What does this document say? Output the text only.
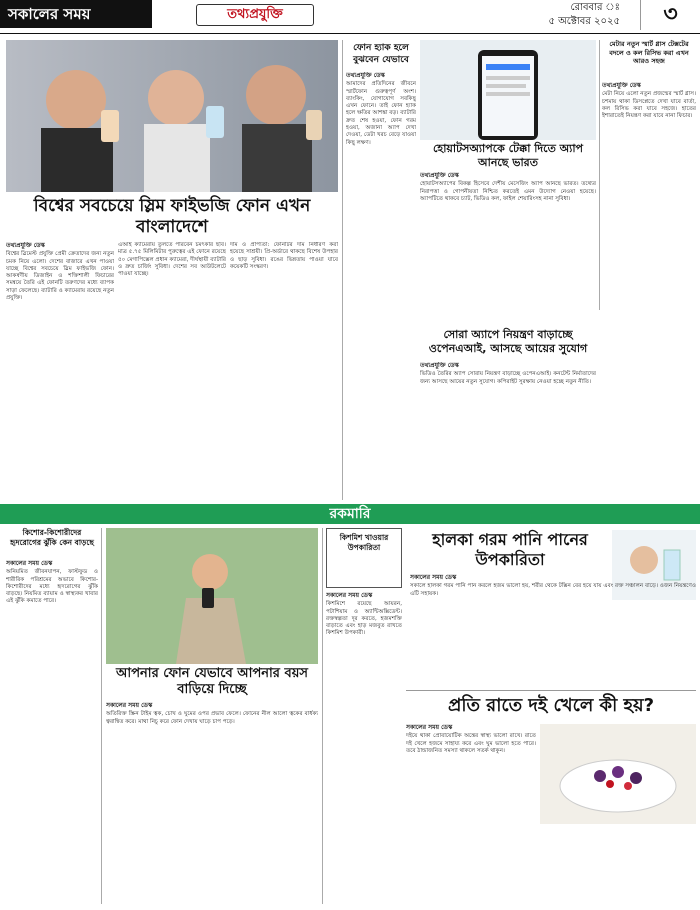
সকালের সময়	তথ্যপ্রযুক্তি	রোববার ঃ
৫ অক্টোবর ২০২৫	৩
বিশ্বের সবচেয়ে স্লিম ফাইভজি ফোন এখন বাংলাদেশে
তথ্যপ্রযুক্তি ডেস্ক

বিশ্বের স্লিমেস্ট প্রযুক্তি প্রেমী ক্রেতাদের জন্য নতুন চমক নিয়ে এলো। দেশের বাজারে এখন পাওয়া যাচ্ছে বিশ্বের সবচেয়ে স্লিম ফাইভজি ফোন। আকর্ষণীয় ডিজাইন ও শক্তিশালী ফিচারের সমন্বয়ে তৈরি এই ফোনটি তরুণদের মধ্যে ব্যাপক সাড়া ফেলেছে। ব্যাটারি ও ক্যামেরায় রয়েছে নতুন প্রযুক্তি।

এআই ক্যামেরায় তুলতে পারবেন চমৎকার ছবি। মাত্র ৫.৭৫ মিলিমিটার পুরুত্বের এই ফোনে রয়েছে ৫০ মেগাপিক্সেল প্রধান ক্যামেরা, দীর্ঘস্থায়ী ব্যাটারি ও দ্রুত চার্জিং সুবিধা। দেশের সব আউটলেটে পাওয়া যাচ্ছে।

দাম ও প্রাপ্যতা: ফোনটির দাম নির্ধারণ করা হয়েছে সাশ্রয়ী। প্রি-অর্ডারে থাকছে বিশেষ উপহার ও ছাড় সুবিধা। রঙের ভিন্নতায় পাওয়া যাবে কয়েকটি সংস্করণ।

ফোন হ্যাক হলে বুঝবেন যেভাবে
তথ্যপ্রযুক্তি ডেস্ক

আমাদের প্রতিদিনের জীবনে স্মার্টফোন গুরুত্বপূর্ণ অংশ। ব্যাংকিং, যোগাযোগ সবকিছু এখন ফোনে। তাই ফোন হ্যাক হলে ক্ষতির আশঙ্কা বড়। ব্যাটারি দ্রুত শেষ হওয়া, ফোন গরম হওয়া, অজানা অ্যাপ দেখা দেওয়া, ডেটা খরচ বেড়ে যাওয়া কিছু লক্ষণ।	হোয়াটসঅ্যাপকে টেক্কা দিতে অ্যাপ আনছে ভারত
তথ্যপ্রযুক্তি ডেস্ক

হোয়াটসঅ্যাপের বিকল্প হিসেবে দেশীয় মেসেজিং অ্যাপ আনছে ভারত। তথ্যের নিরাপত্তা ও গোপনীয়তা নিশ্চিত করতেই এমন উদ্যোগ নেওয়া হয়েছে। অ্যাপটিতে থাকবে চ্যাট, ভিডিও কল, ফাইল শেয়ারিংসহ নানা সুবিধা।

সোরা অ্যাপে নিয়ন্ত্রণ বাড়াচ্ছে ওপেনএআই, আসছে আয়ের সুযোগ
তথ্যপ্রযুক্তি ডেস্ক

ভিডিও তৈরির অ্যাপ সোরায় নিয়ন্ত্রণ বাড়াচ্ছে ওপেনএআই। কনটেন্ট নির্মাতাদের জন্য আসছে আয়ের নতুন সুযোগ। কপিরাইট সুরক্ষায় নেওয়া হচ্ছে নতুন নীতি।

মেটার নতুন স্মার্ট গ্লাস টেক্সটের বদলে ও কল রিসিভ করা এখন আরও সহজ
তথ্যপ্রযুক্তি ডেস্ক

মেটা নিয়ে এলো নতুন প্রজন্মের স্মার্ট গ্লাস। চশমায় থাকা ডিসপ্লেতে দেখা যাবে বার্তা, কল রিসিভ করা যাবে সহজে। হাতের ইশারাতেই নিয়ন্ত্রণ করা যাবে নানা ফিচার।

রকমারি
কিশোর-কিশোরীদের হৃদরোগের ঝুঁকি কেন বাড়ছে
সকালের সময় ডেস্ক

অনিয়মিত জীবনযাপন, ফাস্টফুড ও শারীরিক পরিশ্রমের অভাবে কিশোর-কিশোরীদের মধ্যে হৃদরোগের ঝুঁকি বাড়ছে। নিয়মিত ব্যায়াম ও স্বাস্থ্যকর খাবার এই ঝুঁকি কমাতে পারে।

আপনার ফোন যেভাবে আপনার বয়স বাড়িয়ে দিচ্ছে
সকালের সময় ডেস্ক

অতিরিক্ত স্ক্রিন টাইম ত্বক, চোখ ও ঘুমের ওপর প্রভাব ফেলে। ফোনের নীল আলো ত্বকের বার্ধক্য ত্বরান্বিত করে। মাথা নিচু করে ফোন দেখায় ঘাড়ে চাপ পড়ে।

কিশমিশ খাওয়ার উপকারিতা
সকালের সময় ডেস্ক

কিশমিশে রয়েছে আয়রন, পটাশিয়াম ও অ্যান্টিঅক্সিডেন্ট। রক্তস্বল্পতা দূর করতে, হজমশক্তি বাড়াতে এবং হাড় মজবুত রাখতে কিশমিশ উপকারী।

হালকা গরম পানি পানের উপকারিতা
সকালের সময় ডেস্ক

সকালে হালকা গরম পানি পান করলে হজম ভালো হয়, শরীর থেকে টক্সিন বের হয়ে যায় এবং রক্ত সঞ্চালন বাড়ে। ওজন নিয়ন্ত্রণেও এটি সহায়ক।

প্রতি রাতে দই খেলে কী হয়?
সকালের সময় ডেস্ক

দইয়ে থাকা প্রোবায়োটিক অন্ত্রের স্বাস্থ্য ভালো রাখে। রাতে দই খেলে হজমে সাহায্য করে এবং ঘুম ভালো হতে পারে। তবে ঠান্ডাজনিত সমস্যা থাকলে সতর্ক থাকুন।
